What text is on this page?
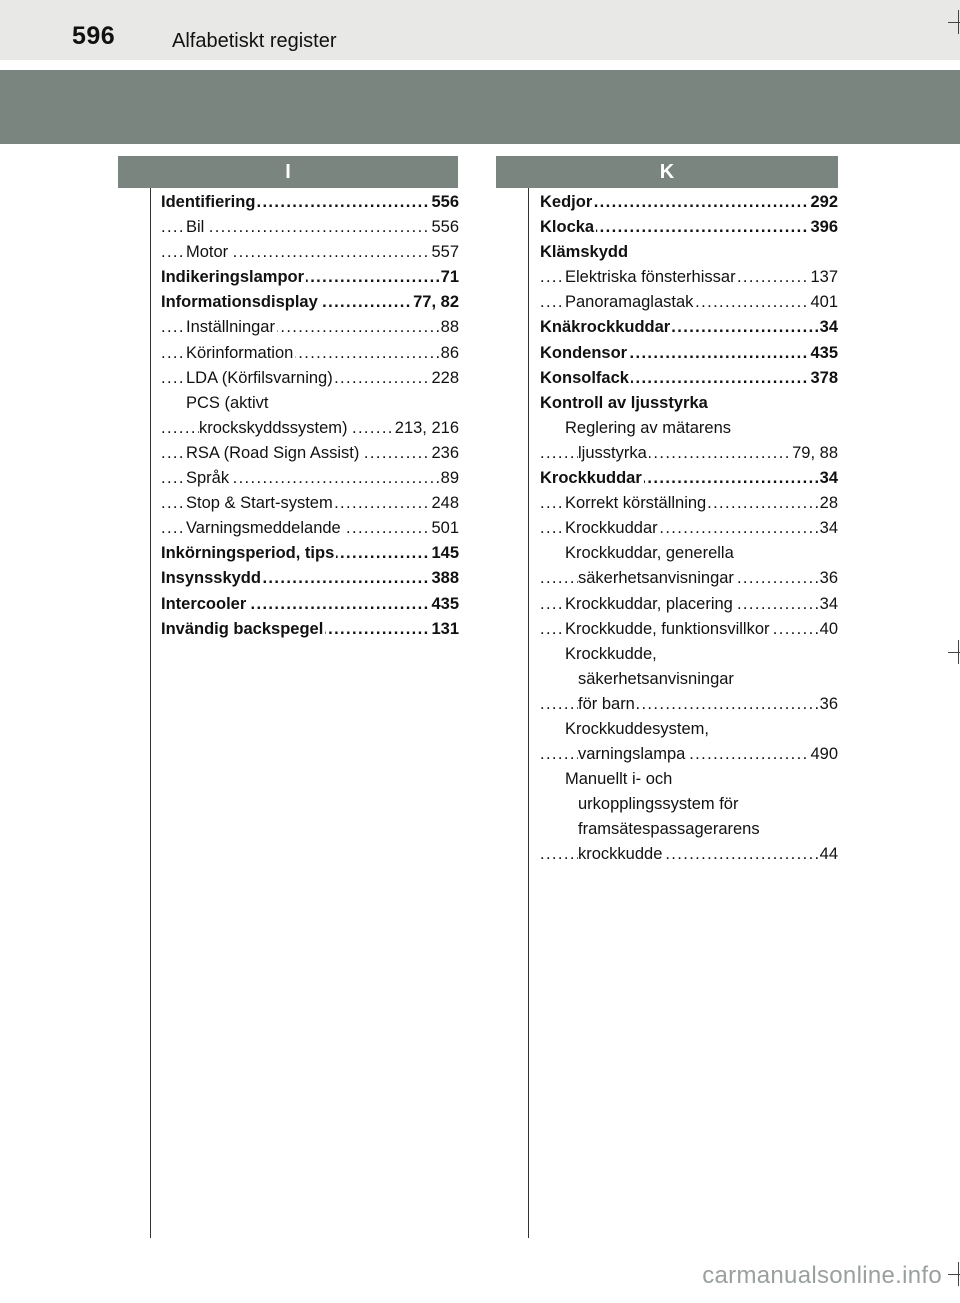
596	Alfabetiskt register
I	K
Identifiering	556
. . .
Bil	556
. . .
Motor	557
. . .
Indikeringslampor	71
. . .
Informationsdisplay	77, 82
. . .
Inställningar	88
. . .
Körinformation	86
. . .
LDA (Körfilsvarning)	228
. . .
PCS (aktivt
krockskyddssystem)	213, 216
. . .
RSA (Road Sign Assist)	236
. . .
Språk	89
. . .
Stop & Start-system	248
. . .
Varningsmeddelande	501
. . .
Inkörningsperiod, tips	145
. . .
Insynsskydd	388
. . .
Intercooler	435
. . .
Invändig backspegel	131
. . .
Kedjor	292
. . .
Klocka	396
. . .
Klämskydd
Elektriska fönsterhissar	137
. . .
Panoramaglastak	401
. . .
Knäkrockkuddar	34
. . .
Kondensor	435
. . .
Konsolfack	378
. . .
Kontroll av ljusstyrka
Reglering av mätarens
ljusstyrka	79, 88
. . .
Krockkuddar	34
. . .
Korrekt körställning	28
. . .
Krockkuddar	34
. . .
Krockkuddar, generella
säkerhetsanvisningar	36
. . .
Krockkuddar, placering	34
. . .
Krockkudde, funktionsvillkor	40
. . .
Krockkudde,
säkerhetsanvisningar
för barn	36
. . .
Krockkuddesystem,
varningslampa	490
. . .
Manuellt i- och
urkopplingssystem för
framsätespassagerarens
krockkudde	44
. . .
carmanualsonline.info
